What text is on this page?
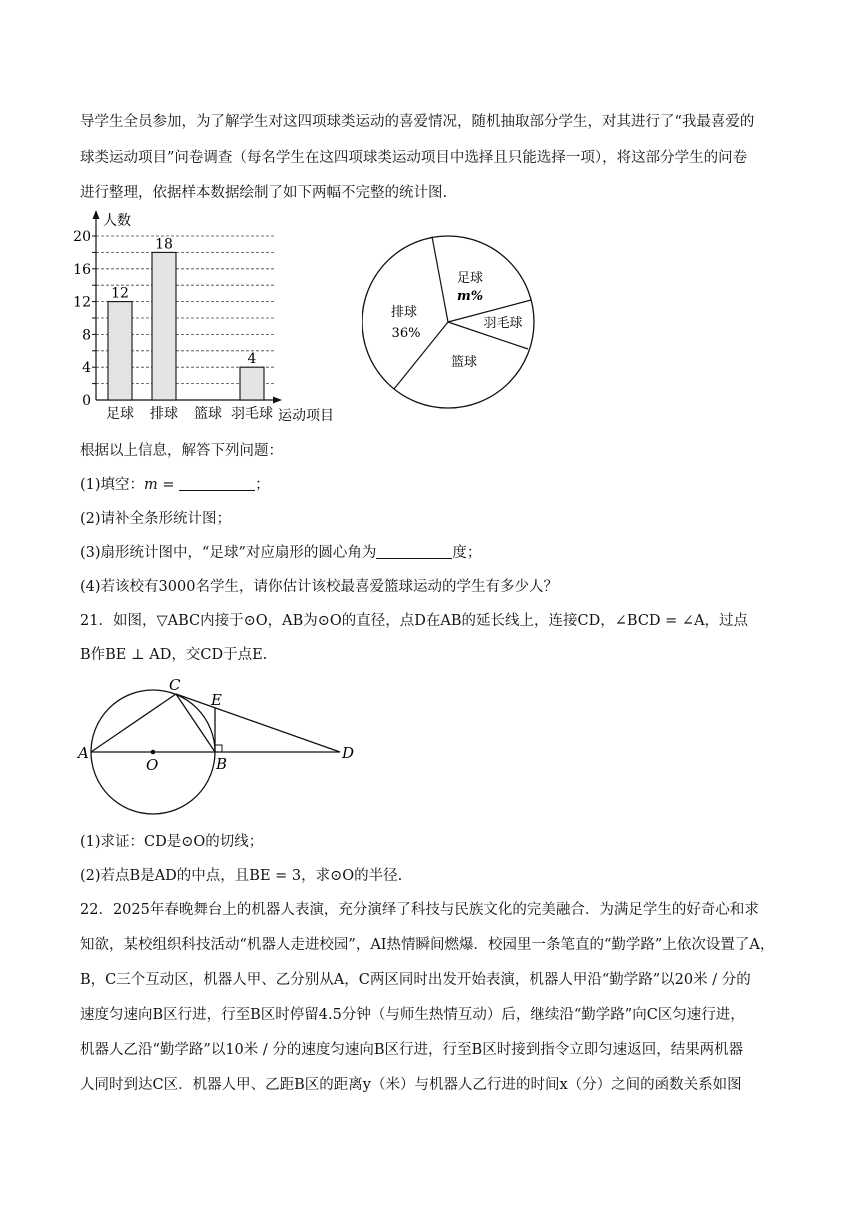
导学生全员参加，为了解学生对这四项球类运动的喜爱情况，随机抽取部分学生，对其进行了“我最喜爱的

球类运动项目”问卷调查（每名学生在这四项球类运动项目中选择且只能选择一项），将这部分学生的问卷

进行整理，依据样本数据绘制了如下两幅不完整的统计图.

0
4
8
12
16
20
12
18
4
足球 排球 篮球 羽毛球
人数
运动项目
足球
m%
羽毛球
篮球
排球
36%

根据以上信息，解答下列问题：

(1)填空：m =	；

(2)请补全条形统计图；

(3)扇形统计图中，“足球”对应扇形的圆心角为	度；

(4)若该校有3000名学生，请你估计该校最喜爱篮球运动的学生有多少人？

21．如图，▽ABC内接于⊙O，AB为⊙O的直径，点D在AB的延长线上，连接CD，∠BCD = ∠A，过点

B作BE ⊥ AD，交CD于点E.

A
B
C
D
E
O

(1)求证：CD是⊙O的切线；

(2)若点B是AD的中点，且BE = 3，求⊙O的半径.

22．2025年春晚舞台上的机器人表演，充分演绎了科技与民族文化的完美融合．为满足学生的好奇心和求

知欲，某校组织科技活动“机器人走进校园”，AI热情瞬间燃爆．校园里一条笔直的“勤学路”上依次设置了A，

B，C三个互动区，机器人甲、乙分别从A，C两区同时出发开始表演，机器人甲沿“勤学路”以20米 / 分的

速度匀速向B区行进，行至B区时停留4.5分钟（与师生热情互动）后，继续沿“勤学路”向C区匀速行进，

机器人乙沿“勤学路”以10米 / 分的速度匀速向B区行进，行至B区时接到指令立即匀速返回，结果两机器

人同时到达C区．机器人甲、乙距B区的距离y（米）与机器人乙行进的时间x（分）之间的函数关系如图
